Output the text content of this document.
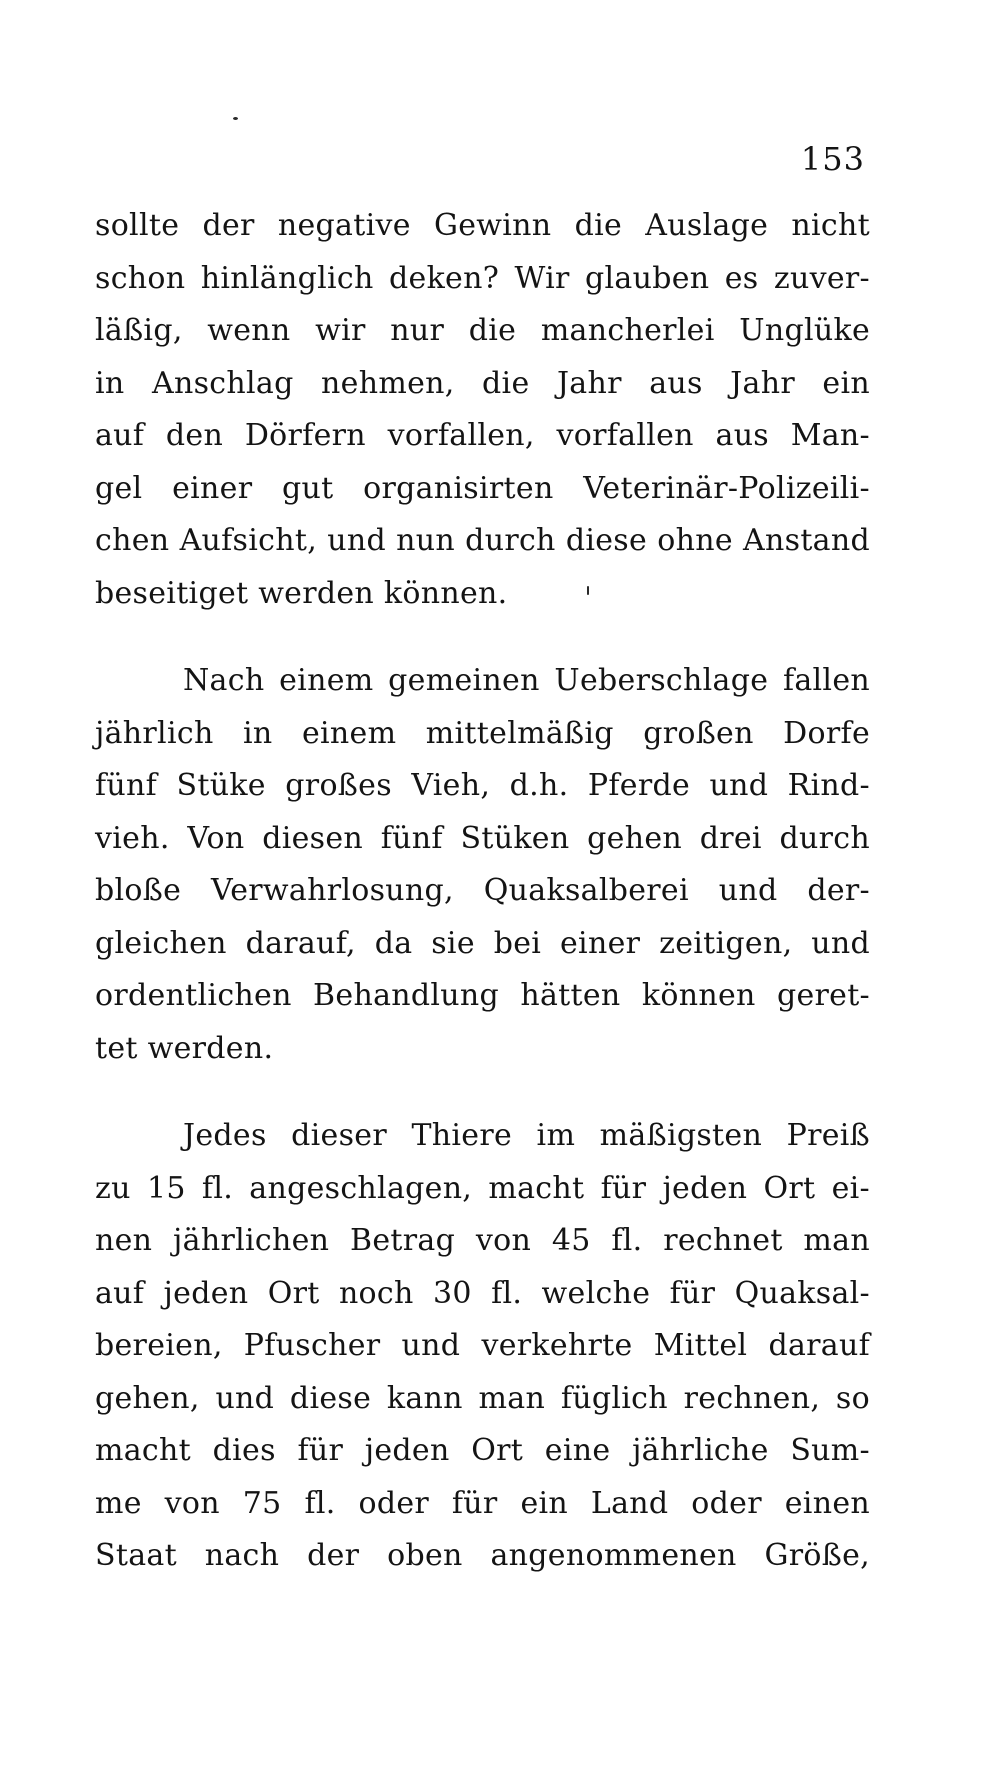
153
sollte der negative Gewinn die Auslage nicht
schon hinlänglich deken? Wir glauben es zuver-
läßig, wenn wir nur die mancherlei Unglüke
in Anschlag nehmen, die Jahr aus Jahr ein
auf den Dörfern vorfallen, vorfallen aus Man-
gel einer gut organisirten Veterinär-Polizeili-
chen Aufsicht, und nun durch diese ohne Anstand
beseitiget werden können.
Nach einem gemeinen Ueberschlage fallen
jährlich in einem mittelmäßig großen Dorfe
fünf Stüke großes Vieh, d.h. Pferde und Rind-
vieh. Von diesen fünf Stüken gehen drei durch
bloße Verwahrlosung, Quaksalberei und der-
gleichen darauf, da sie bei einer zeitigen, und
ordentlichen Behandlung hätten können geret-
tet werden.
Jedes dieser Thiere im mäßigsten Preiß
zu 15 fl. angeschlagen, macht für jeden Ort ei-
nen jährlichen Betrag von 45 fl. rechnet man
auf jeden Ort noch 30 fl. welche für Quaksal-
bereien, Pfuscher und verkehrte Mittel darauf
gehen, und diese kann man füglich rechnen, so
macht dies für jeden Ort eine jährliche Sum-
me von 75 fl. oder für ein Land oder einen
Staat nach der oben angenommenen Größe,
